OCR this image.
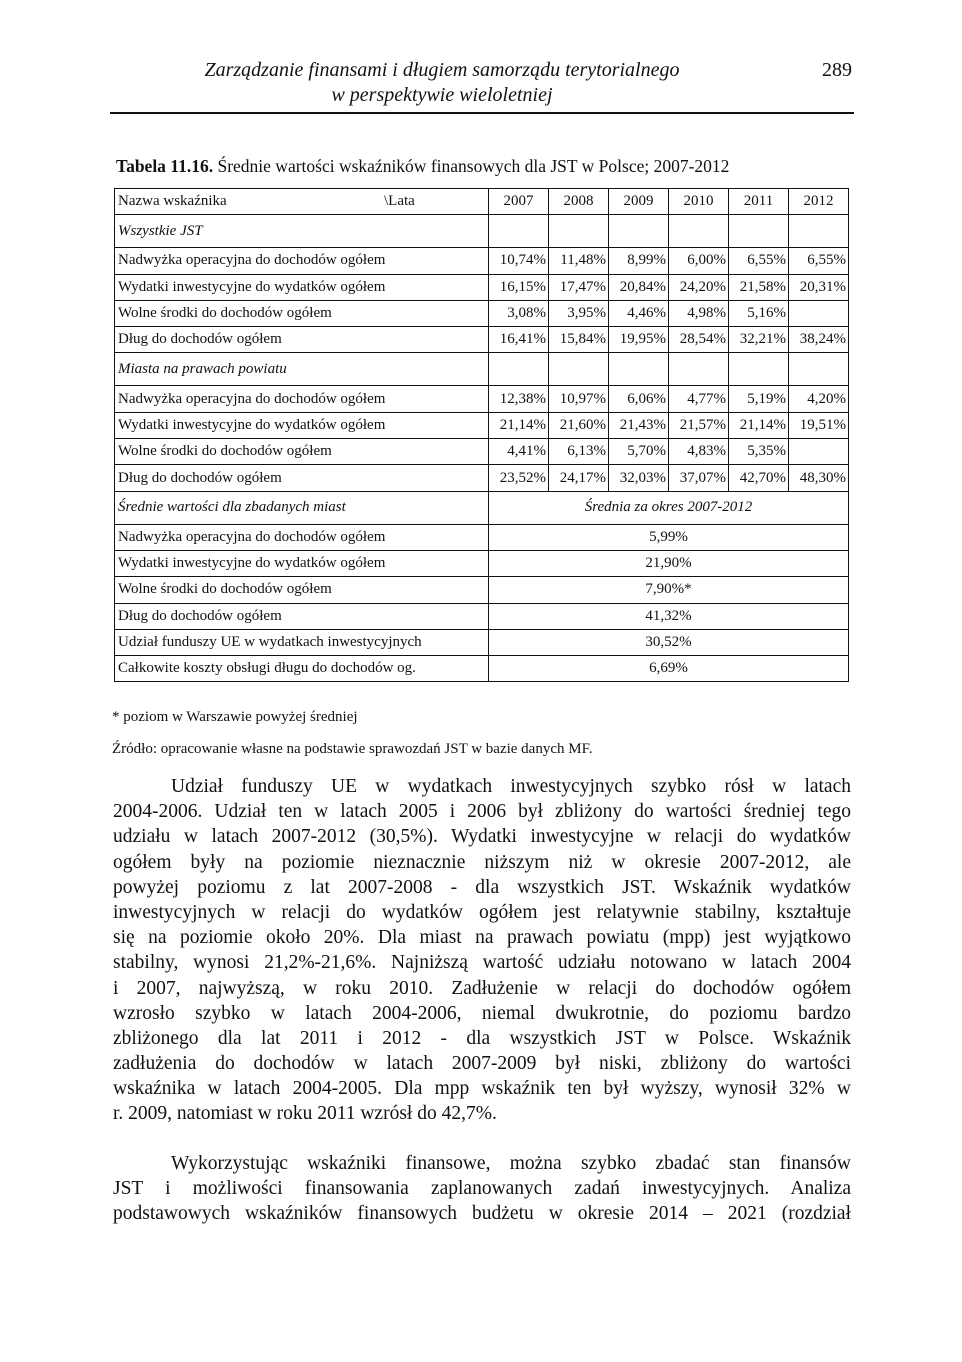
Zarządzanie finansami i długiem samorządu terytorialnego
w perspektywie wieloletniej
289
Tabela 11.16. Średnie wartości wskaźników finansowych dla JST w Polsce; 2007-2012
Nazwa wskaźnika \Lata	2007	2008	2009	2010	2011	2012
Wszystkie JST						
Nadwyżka operacyjna do dochodów ogółem	10,74%	11,48%	8,99%	6,00%	6,55%	6,55%
Wydatki inwestycyjne do wydatków ogółem	16,15%	17,47%	20,84%	24,20%	21,58%	20,31%
Wolne środki do dochodów ogółem	3,08%	3,95%	4,46%	4,98%	5,16%	
Dług do dochodów ogółem	16,41%	15,84%	19,95%	28,54%	32,21%	38,24%
Miasta na prawach powiatu						
Nadwyżka operacyjna do dochodów ogółem	12,38%	10,97%	6,06%	4,77%	5,19%	4,20%
Wydatki inwestycyjne do wydatków ogółem	21,14%	21,60%	21,43%	21,57%	21,14%	19,51%
Wolne środki do dochodów ogółem	4,41%	6,13%	5,70%	4,83%	5,35%	
Dług do dochodów ogółem	23,52%	24,17%	32,03%	37,07%	42,70%	48,30%
Średnie wartości dla zbadanych miast	Średnia za okres 2007-2012					
Nadwyżka operacyjna do dochodów ogółem	5,99%					
Wydatki inwestycyjne do wydatków ogółem	21,90%					
Wolne środki do dochodów ogółem	7,90%*					
Dług do dochodów ogółem	41,32%					
Udział funduszy UE w wydatkach inwestycyjnych	30,52%					
Całkowite koszty obsługi długu do dochodów og.	6,69%					
* poziom w Warszawie powyżej średniej
Źródło: opracowanie własne na podstawie sprawozdań JST w bazie danych MF.
Udział funduszy UE w wydatkach inwestycyjnych szybko rósł w latach
2004-2006. Udział ten w latach 2005 i 2006 był zbliżony do wartości średniej tego
udziału w latach 2007-2012 (30,5%). Wydatki inwestycyjne w relacji do wydatków
ogółem były na poziomie nieznacznie niższym niż w okresie 2007-2012, ale
powyżej poziomu z lat 2007-2008 - dla wszystkich JST. Wskaźnik wydatków
inwestycyjnych w relacji do wydatków ogółem jest relatywnie stabilny, kształtuje
się na poziomie około 20%. Dla miast na prawach powiatu (mpp) jest wyjątkowo
stabilny, wynosi 21,2%-21,6%. Najniższą wartość udziału notowano w latach 2004
i 2007, najwyższą, w roku 2010. Zadłużenie w relacji do dochodów ogółem
wzrosło szybko w latach 2004-2006, niemal dwukrotnie, do poziomu bardzo
zbliżonego dla lat 2011 i 2012 - dla wszystkich JST w Polsce. Wskaźnik
zadłużenia do dochodów w latach 2007-2009 był niski, zbliżony do wartości
wskaźnika w latach 2004-2005. Dla mpp wskaźnik ten był wyższy, wynosił 32% w
r. 2009, natomiast w roku 2011 wzrósł do 42,7%.
Wykorzystując wskaźniki finansowe, można szybko zbadać stan finansów
JST i możliwości finansowania zaplanowanych zadań inwestycyjnych. Analiza
podstawowych wskaźników finansowych budżetu w okresie 2014 – 2021 (rozdział
